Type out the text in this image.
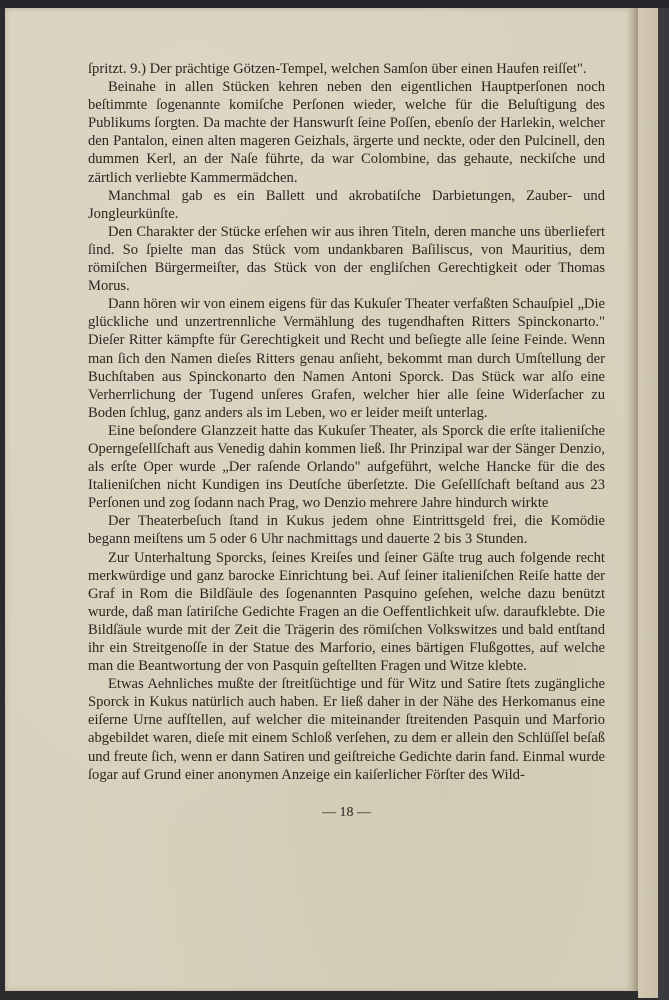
ſpritzt. 9.) Der prächtige Götzen-Tempel, welchen Samſon über einen Haufen reiſſet".

Beinahe in allen Stücken kehren neben den eigentlichen Hauptperſonen noch beſtimmte ſogenannte komiſche Perſonen wieder, welche für die Beluſtigung des Publikums ſorgten. Da machte der Hanswurſt ſeine Poſſen, ebenſo der Harlekin, welcher den Pantalon, einen alten mageren Geizhals, ärgerte und neckte, oder den Pulcinell, den dummen Kerl, an der Naſe führte, da war Colombine, das gehaute, neckiſche und zärtlich verliebte Kammermädchen.

Manchmal gab es ein Ballett und akrobatiſche Darbietungen, Zauber- und Jongleurkünſte.

Den Charakter der Stücke erſehen wir aus ihren Titeln, deren manche uns überliefert ſind. So ſpielte man das Stück vom undankbaren Baſiliscus, von Mauritius, dem römiſchen Bürgermeiſter, das Stück von der engliſchen Gerechtigkeit oder Thomas Morus.

Dann hören wir von einem eigens für das Kukuſer Theater verfaßten Schauſpiel „Die glückliche und unzertrennliche Vermählung des tugendhaften Ritters Spinckonarto." Dieſer Ritter kämpfte für Gerechtigkeit und Recht und beſiegte alle ſeine Feinde. Wenn man ſich den Namen dieſes Ritters genau anſieht, bekommt man durch Umſtellung der Buchſtaben aus Spinckonarto den Namen Antoni Sporck. Das Stück war alſo eine Verherrlichung der Tugend unſeres Grafen, welcher hier alle ſeine Widerſacher zu Boden ſchlug, ganz anders als im Leben, wo er leider meiſt unterlag.

Eine beſondere Glanzzeit hatte das Kukuſer Theater, als Sporck die erſte italieniſche Operngeſellſchaft aus Venedig dahin kommen ließ. Ihr Prinzipal war der Sänger Denzio, als erſte Oper wurde „Der raſende Orlando" aufgeführt, welche Hancke für die des Italieniſchen nicht Kundigen ins Deutſche überſetzte. Die Geſellſchaft beſtand aus 23 Perſonen und zog ſodann nach Prag, wo Denzio mehrere Jahre hindurch wirkte

Der Theaterbeſuch ſtand in Kukus jedem ohne Eintrittsgeld frei, die Komödie begann meiſtens um 5 oder 6 Uhr nachmittags und dauerte 2 bis 3 Stunden.

Zur Unterhaltung Sporcks, ſeines Kreiſes und ſeiner Gäſte trug auch folgende recht merkwürdige und ganz barocke Einrichtung bei. Auf ſeiner italieniſchen Reiſe hatte der Graf in Rom die Bildſäule des ſogenannten Pasquino geſehen, welche dazu benützt wurde, daß man ſatiriſche Gedichte Fragen an die Oeffentlichkeit uſw. daraufklebte. Die Bildſäule wurde mit der Zeit die Trägerin des römiſchen Volkswitzes und bald entſtand ihr ein Streitgenoſſe in der Statue des Marforio, eines bärtigen Flußgottes, auf welche man die Beantwortung der von Pasquin geſtellten Fragen und Witze klebte.

Etwas Aehnliches mußte der ſtreitſüchtige und für Witz und Satire ſtets zugängliche Sporck in Kukus natürlich auch haben. Er ließ daher in der Nähe des Herkomanus eine eiſerne Urne aufſtellen, auf welcher die miteinander ſtreitenden Pasquin und Marforio abgebildet waren, dieſe mit einem Schloß verſehen, zu dem er allein den Schlüſſel beſaß und freute ſich, wenn er dann Satiren und geiſtreiche Gedichte darin fand. Einmal wurde ſogar auf Grund einer anonymen Anzeige ein kaiſerlicher Förſter des Wild-

— 18 —
